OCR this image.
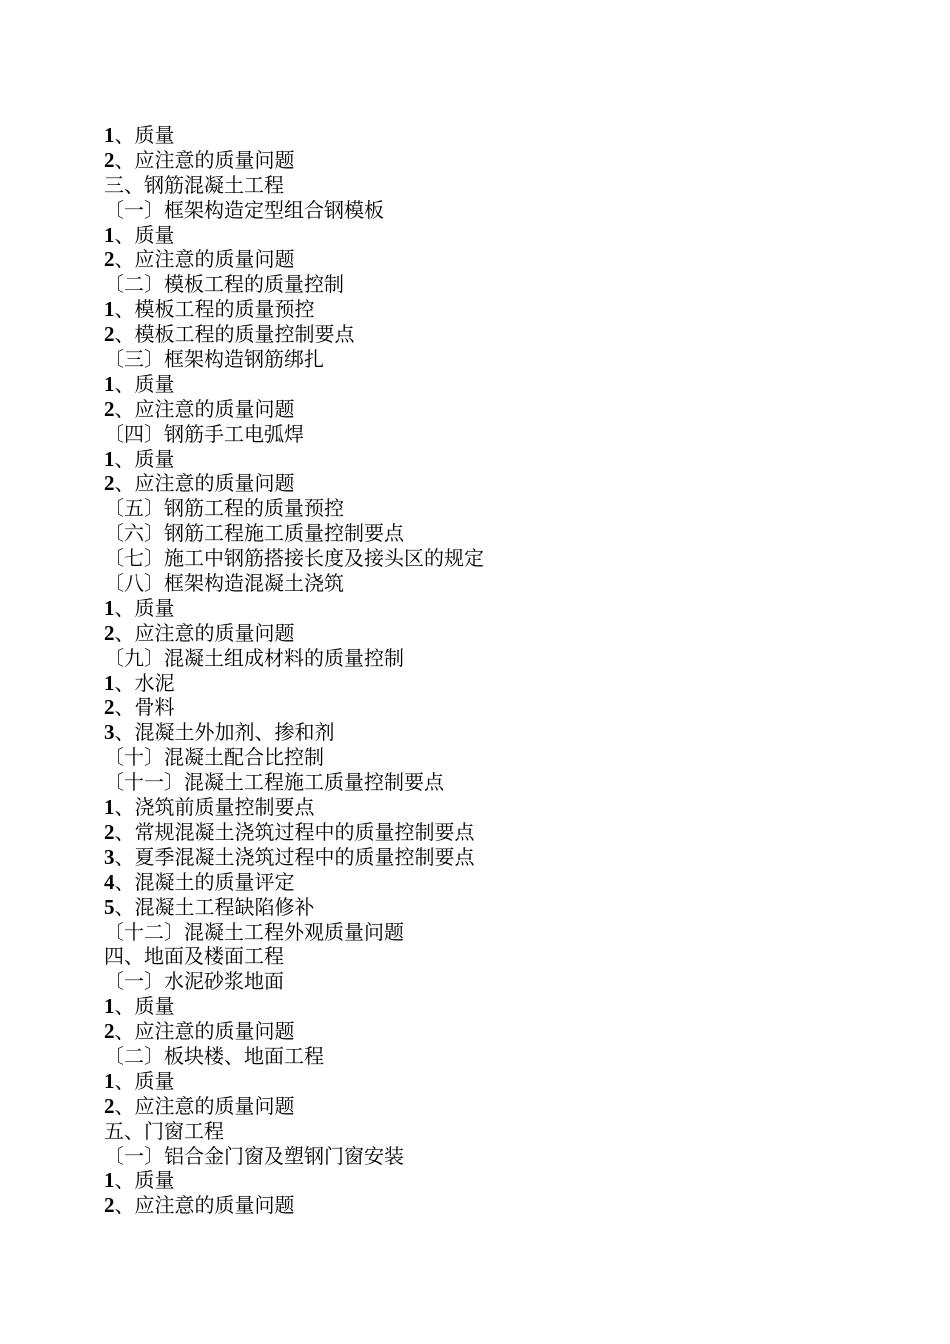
1、质量
2、应注意的质量问题
三、钢筋混凝土工程
〔一〕框架构造定型组合钢模板
1、质量
2、应注意的质量问题
〔二〕模板工程的质量控制
1、模板工程的质量预控
2、模板工程的质量控制要点
〔三〕框架构造钢筋绑扎
1、质量
2、应注意的质量问题
〔四〕钢筋手工电弧焊
1、质量
2、应注意的质量问题
〔五〕钢筋工程的质量预控
〔六〕钢筋工程施工质量控制要点
〔七〕施工中钢筋搭接长度及接头区的规定
〔八〕框架构造混凝土浇筑
1、质量
2、应注意的质量问题
〔九〕混凝土组成材料的质量控制
1、水泥
2、骨料
3、混凝土外加剂、掺和剂
〔十〕混凝土配合比控制
〔十一〕混凝土工程施工质量控制要点
1、浇筑前质量控制要点
2、常规混凝土浇筑过程中的质量控制要点
3、夏季混凝土浇筑过程中的质量控制要点
4、混凝土的质量评定
5、混凝土工程缺陷修补
〔十二〕混凝土工程外观质量问题
四、地面及楼面工程
〔一〕水泥砂浆地面
1、质量
2、应注意的质量问题
〔二〕板块楼、地面工程
1、质量
2、应注意的质量问题
五、门窗工程
〔一〕铝合金门窗及塑钢门窗安装
1、质量
2、应注意的质量问题
